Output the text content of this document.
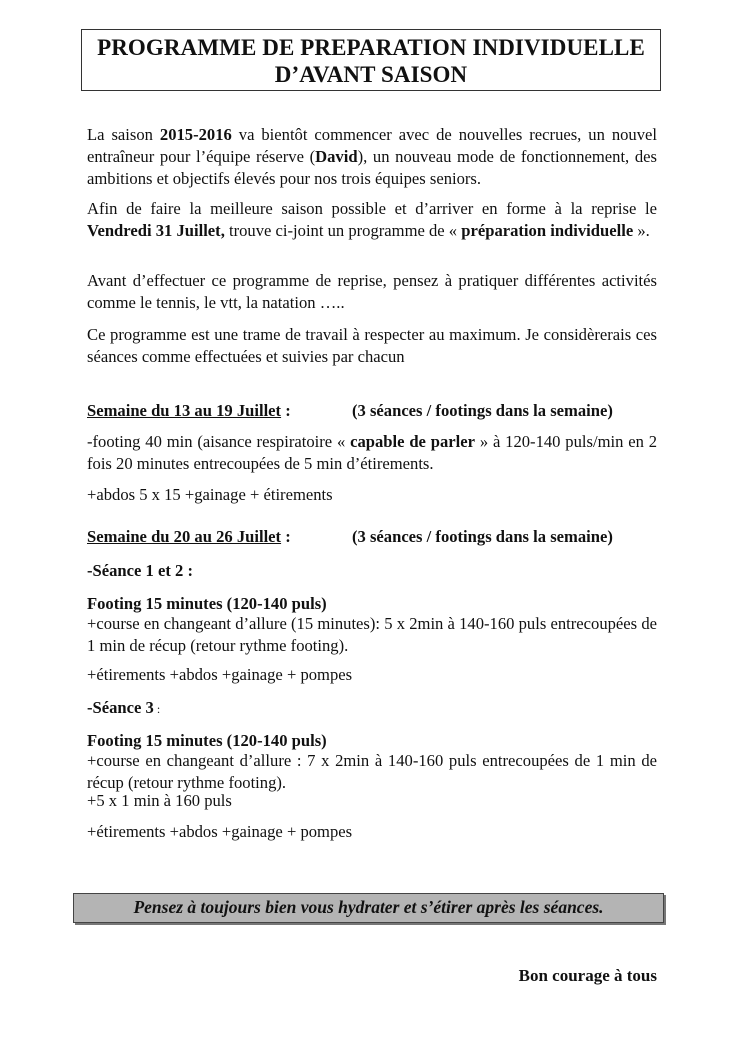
PROGRAMME DE PREPARATION INDIVIDUELLE
D’AVANT SAISON
La saison 2015-2016 va bientôt commencer avec de nouvelles recrues, un nouvel entraîneur pour l’équipe réserve (David), un nouveau mode de fonctionnement, des ambitions et objectifs élevés pour nos trois équipes seniors.
Afin de faire la meilleure saison possible et d’arriver en forme à la reprise le Vendredi 31 Juillet, trouve ci-joint un programme de « préparation individuelle ».
Avant d’effectuer ce programme de reprise, pensez à pratiquer différentes activités comme le tennis, le vtt, la natation …..
Ce programme est une trame de travail à respecter au maximum. Je considèrerais ces séances comme effectuées et suivies par chacun
Semaine du 13 au 19 Juillet :	(3 séances / footings dans la semaine)
-footing 40 min (aisance respiratoire « capable de parler » à 120-140 puls/min en 2 fois 20 minutes entrecoupées de 5 min d’étirements.
+abdos 5 x 15 +gainage + étirements
Semaine du 20 au 26 Juillet :	(3 séances / footings dans la semaine)
-Séance 1 et 2 :
Footing 15 minutes (120-140 puls)
+course en changeant d’allure (15 minutes): 5 x 2min à 140-160 puls entrecoupées de 1 min de récup (retour rythme footing).
+étirements +abdos +gainage + pompes
-Séance 3 :
Footing 15 minutes (120-140 puls)
+course en changeant d’allure : 7 x 2min à 140-160 puls entrecoupées de 1 min de récup (retour rythme footing).
+5 x 1 min à 160 puls
+étirements +abdos +gainage + pompes
Pensez à toujours bien vous hydrater et s’étirer après les séances.
Bon courage à tous
